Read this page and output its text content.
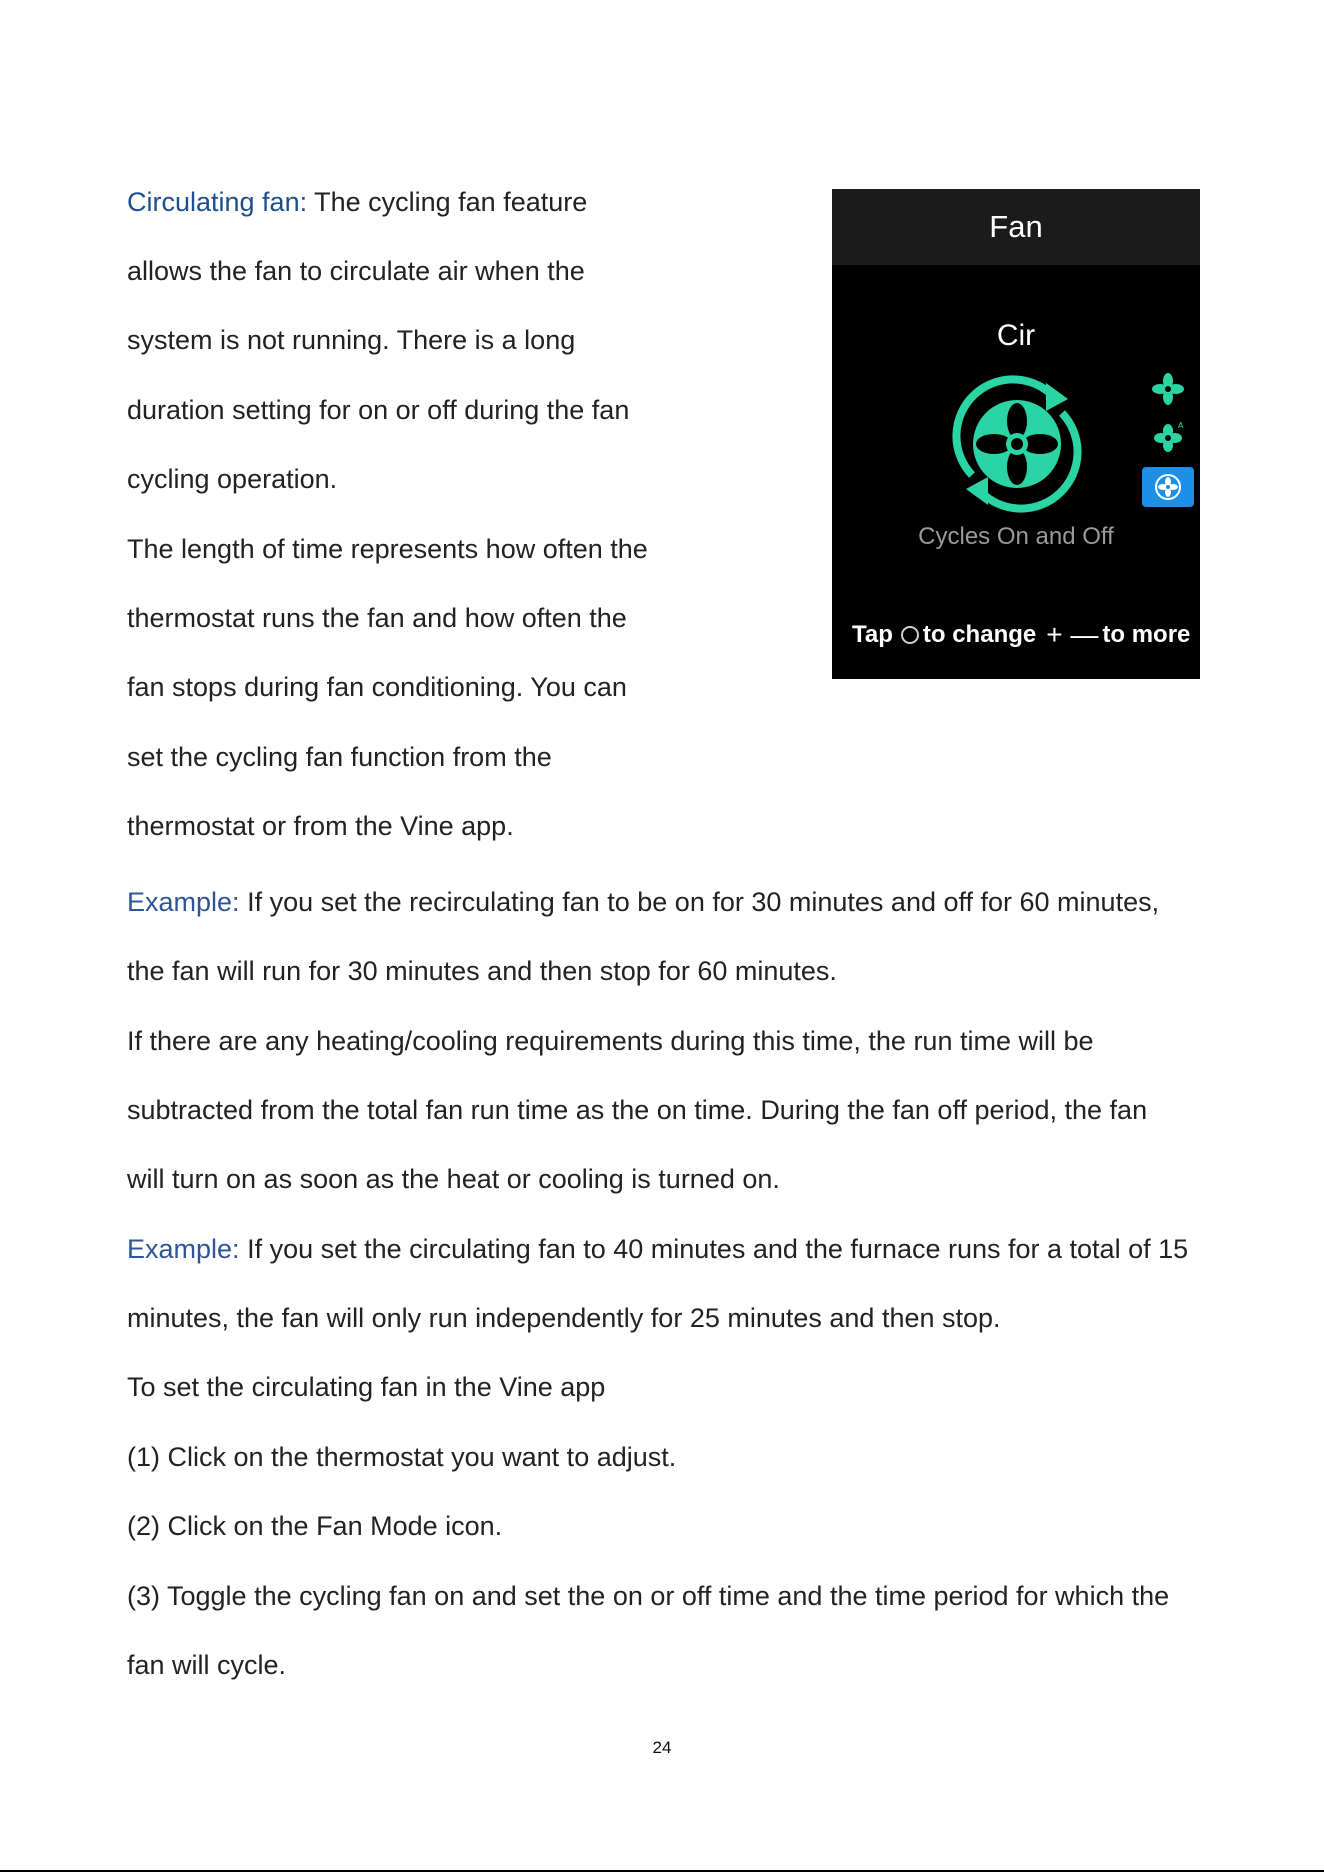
Circulating fan: The cycling fan feature

allows the fan to circulate air when the

system is not running. There is a long

duration setting for on or off during the fan

cycling operation.

The length of time represents how often the

thermostat runs the fan and how often the

fan stops during fan conditioning. You can

set the cycling fan function from the

thermostat or from the Vine app.

Example: If you set the recirculating fan to be on for 30 minutes and off for 60 minutes,

the fan will run for 30 minutes and then stop for 60 minutes.

If there are any heating/cooling requirements during this time, the run time will be

subtracted from the total fan run time as the on time. During the fan off period, the fan

will turn on as soon as the heat or cooling is turned on.

Example: If you set the circulating fan to 40 minutes and the furnace runs for a total of 15

minutes, the fan will only run independently for 25 minutes and then stop.

To set the circulating fan in the Vine app

(1) Click on the thermostat you want to adjust.

(2) Click on the Fan Mode icon.

(3) Toggle the cycling fan on and set the on or off time and the time period for which the

fan will cycle.

Fan
Cir
A
Cycles On and Off
Tap to change + — to more
24
